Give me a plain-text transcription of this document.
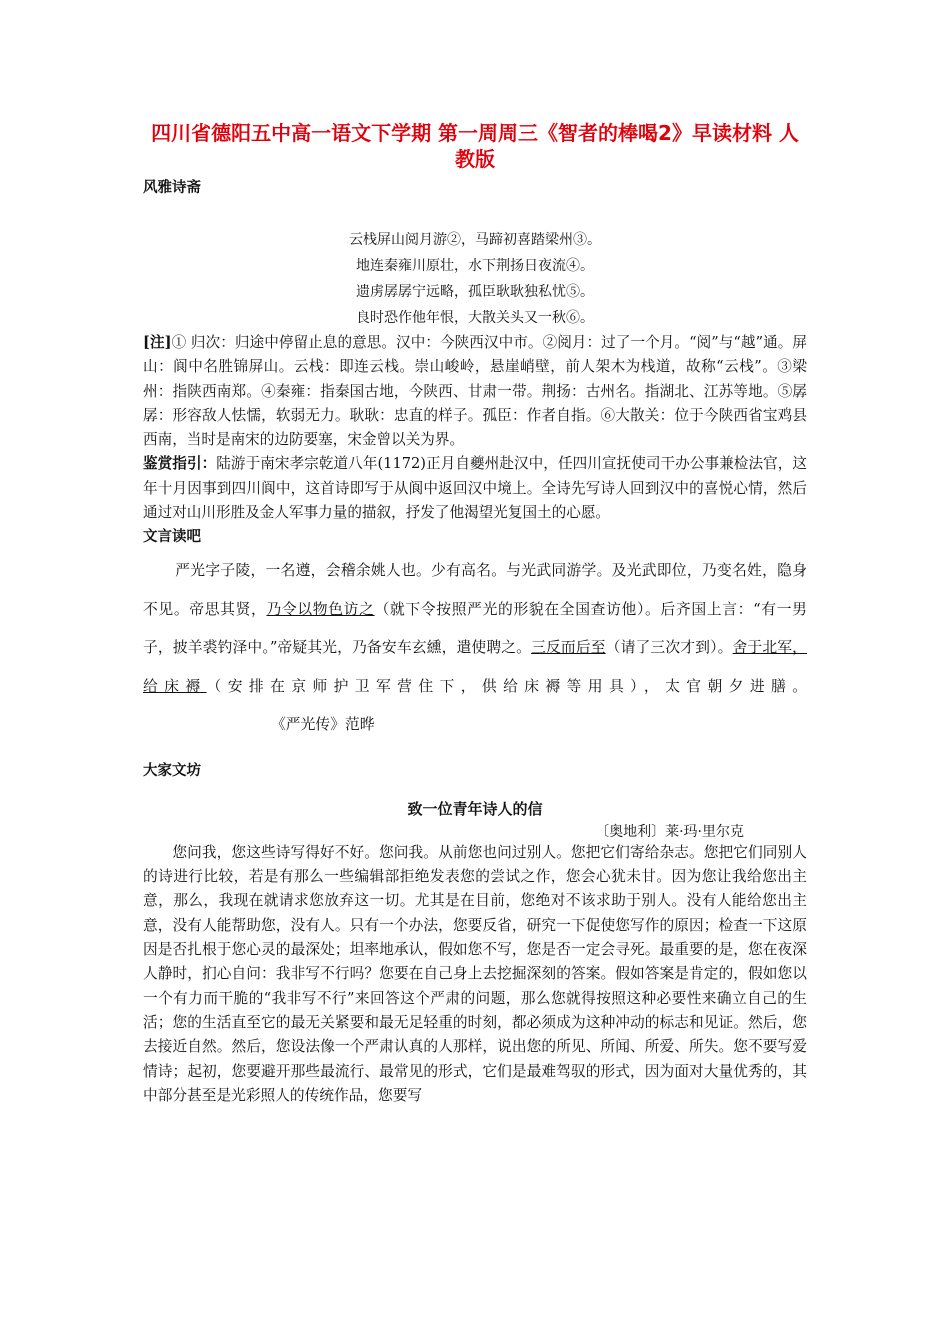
四川省德阳五中高一语文下学期 第一周周三《智者的棒喝2》早读材料 人教版
风雅诗斋
云栈屏山阅月游②，马蹄初喜踏梁州③。
地连秦雍川原壮，水下荆扬日夜流④。
遗虏孱孱宁远略，孤臣耿耿独私忧⑤。
良时恐作他年恨，大散关头又一秋⑥。
[注]① 归次：归途中停留止息的意思。汉中：今陕西汉中市。②阅月：过了一个月。“阅”与“越”通。屏山：阆中名胜锦屏山。云栈：即连云栈。崇山峻岭，悬崖峭壁，前人架木为栈道，故称“云栈”。③梁州：指陕西南郑。④秦雍：指秦国古地，今陕西、甘肃一带。荆扬：古州名。指湖北、江苏等地。⑤孱孱：形容敌人怯懦，软弱无力。耿耿：忠直的样子。孤臣：作者自指。⑥大散关：位于今陕西省宝鸡县西南，当时是南宋的边防要塞，宋金曾以关为界。
鉴赏指引：陆游于南宋孝宗乾道八年(1172)正月自夔州赴汉中，任四川宣抚使司干办公事兼检法官，这年十月因事到四川阆中，这首诗即写于从阆中返回汉中境上。全诗先写诗人回到汉中的喜悦心情，然后通过对山川形胜及金人军事力量的描叙，抒发了他渴望光复国土的心愿。
文言读吧
严光字子陵，一名遵，会稽余姚人也。少有高名。与光武同游学。及光武即位，乃变名姓，隐身不见。帝思其贤，乃令以物色访之（就下令按照严光的形貌在全国查访他）。后齐国上言：“有一男子，披羊裘钓泽中。”帝疑其光，乃备安车玄纁，遣使聘之。三反而后至（请了三次才到）。舍于北军，给床褥（安排在京师护卫军营住下，供给床褥等用具），太官朝夕进膳。《严光传》范晔
大家文坊
致一位青年诗人的信
〔奥地利〕莱·玛·里尔克
您问我，您这些诗写得好不好。您问我。从前您也问过别人。您把它们寄给杂志。您把它们同别人的诗进行比较，若是有那么一些编辑部拒绝发表您的尝试之作，您会心犹未甘。因为您让我给您出主意，那么，我现在就请求您放弃这一切。尤其是在目前，您绝对不该求助于别人。没有人能给您出主意，没有人能帮助您，没有人。只有一个办法，您要反省，研究一下促使您写作的原因；检查一下这原因是否扎根于您心灵的最深处；坦率地承认，假如您不写，您是否一定会寻死。最重要的是，您在夜深人静时，扪心自问：我非写不行吗？您要在自己身上去挖掘深刻的答案。假如答案是肯定的，假如您以一个有力而干脆的“我非写不行”来回答这个严肃的问题，那么您就得按照这种必要性来确立自己的生活；您的生活直至它的最无关紧要和最无足轻重的时刻，都必须成为这种冲动的标志和见证。然后，您去接近自然。然后，您设法像一个严肃认真的人那样，说出您的所见、所闻、所爱、所失。您不要写爱情诗；起初，您要避开那些最流行、最常见的形式，它们是最难驾驭的形式，因为面对大量优秀的，其中部分甚至是光彩照人的传统作品，您要写
